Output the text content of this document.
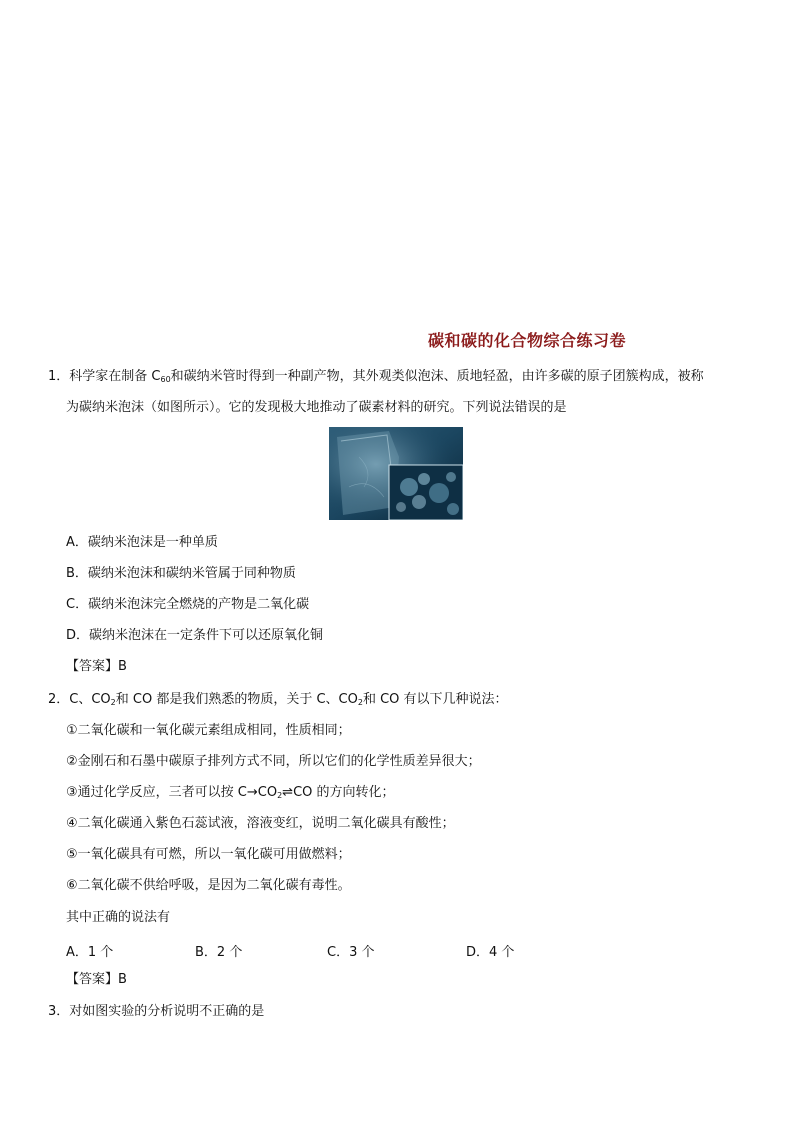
碳和碳的化合物综合练习卷
1．科学家在制备 $C_{60}$和碳纳米管时得到一种副产物，其外观类似泡沫、质地轻盈，由许多碳的原子团簇构成，被称
为碳纳米泡沫（如图所示）。它的发现极大地推动了碳素材料的研究。下列说法错误的是
A．碳纳米泡沫是一种单质
B．碳纳米泡沫和碳纳米管属于同种物质
C．碳纳米泡沫完全燃烧的产物是二氧化碳
D．碳纳米泡沫在一定条件下可以还原氧化铜
【答案】B
2．C、$CO_2$和 CO 都是我们熟悉的物质，关于 C、$CO_2$和 CO 有以下几种说法：
①二氧化碳和一氧化碳元素组成相同，性质相同；
②金刚石和石墨中碳原子排列方式不同，所以它们的化学性质差异很大；
③通过化学反应，三者可以按 $C\to CO_2\rightleftharpoons CO$ 的方向转化；
④二氧化碳通入紫色石蕊试液，溶液变红，说明二氧化碳具有酸性；
⑤一氧化碳具有可燃，所以一氧化碳可用做燃料；
⑥二氧化碳不供给呼吸，是因为二氧化碳有毒性。
其中正确的说法有
A．1 个	B．2 个	C．3 个	D．4 个
【答案】B
3．对如图实验的分析说明不正确的是
